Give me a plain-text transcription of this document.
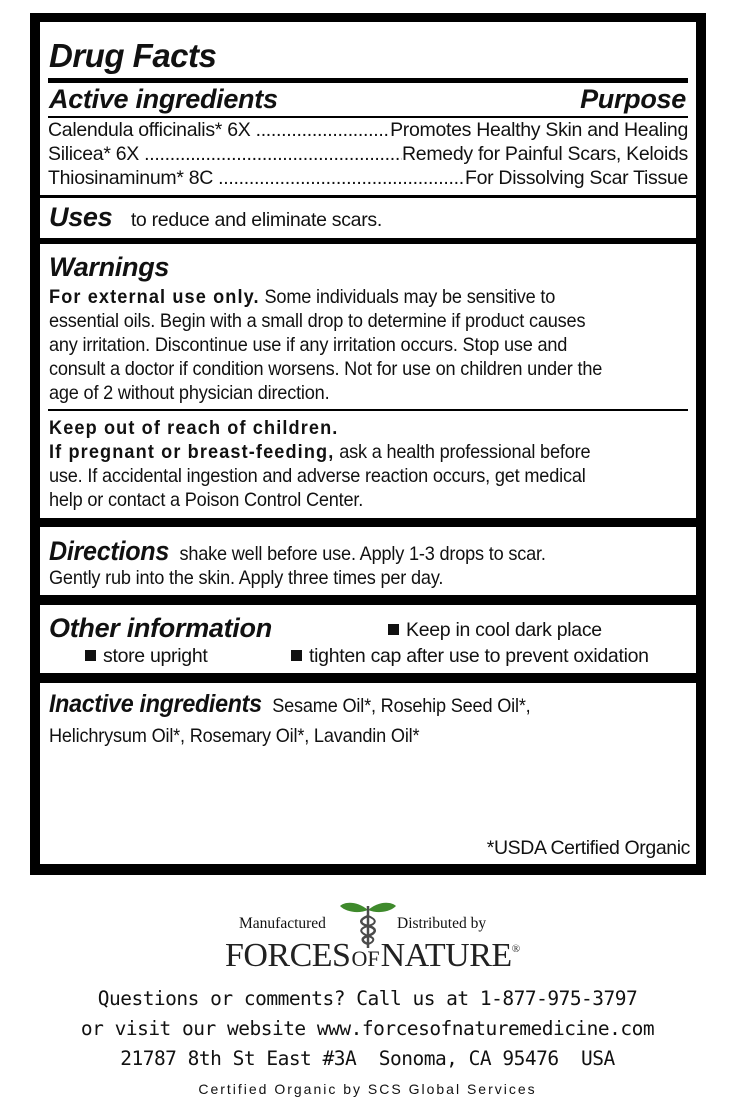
Drug Facts
Active ingredients	Purpose
Calendula officinalis* 6X .....	Promotes Healthy Skin and Healing
Silicea* 6X .....	Remedy for Painful Scars, Keloids
Thiosinaminum* 8C .....	For Dissolving Scar Tissue
Uses to reduce and eliminate scars.
Warnings
For external use only. Some individuals may be sensitive to
essential oils. Begin with a small drop to determine if product causes
any irritation. Discontinue use if any irritation occurs. Stop use and
consult a doctor if condition worsens. Not for use on children under the
age of 2 without physician direction.
Keep out of reach of children.
If pregnant or breast-feeding, ask a health professional before
use. If accidental ingestion and adverse reaction occurs, get medical
help or contact a Poison Control Center.
Directions shake well before use. Apply 1-3 drops to scar.
Gently rub into the skin. Apply three times per day.
Other information	Keep in cool dark place
store upright	tighten cap after use to prevent oxidation
Inactive ingredients Sesame Oil*, Rosehip Seed Oil*,
Helichrysum Oil*, Rosemary Oil*, Lavandin Oil*
*USDA Certified Organic
Manufactured	Distributed by
FORCESOFNATURE®
Questions or comments? Call us at 1-877-975-3797
or visit our website www.forcesofnaturemedicine.com
21787 8th St East #3A  Sonoma, CA 95476  USA
Certified Organic by SCS Global Services
